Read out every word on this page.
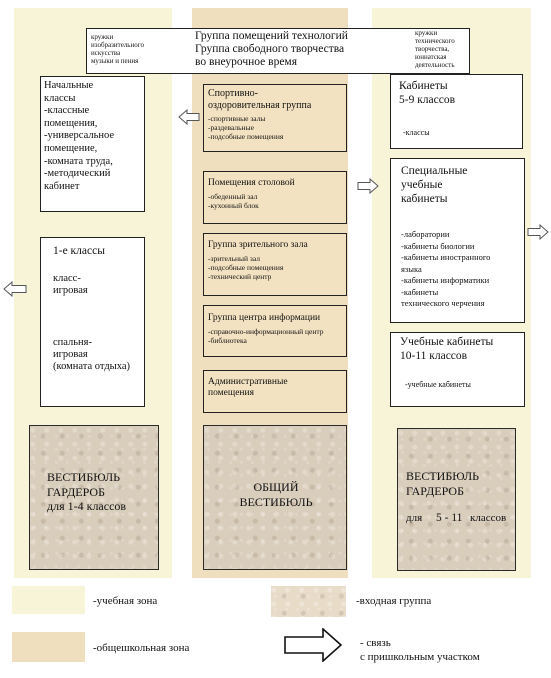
кружки
изобразительного
искусства
музыки и пения
Группа помещений технологий
Группа свободного творчества
во внеурочное время
кружки
технического
творчества,
юннатская
деятельность
Начальные
классы
-классные
помещения,
-универсальное
помещение,
-комната труда,
-методический
кабинет
1-е классы
класс-
игровая
спальня-
игровая
(комната отдыха)
ВЕСТИБЮЛЬ
ГАРДЕРОБ
для 1-4 классов
Спортивно-
оздоровительная группа
-спортивные залы
-раздевальные
-подсобные помещения
Помещения столовой
-обеденный зал
-кухонный блок
Группа зрительного зала
-зрительный зал
-подсобные помещения
-технический центр
Группа центра информации
-справочно-информационный центр
-библиотека
Административные
помещения
ОБЩИЙ
ВЕСТИБЮЛЬ
Кабинеты
5-9 классов
-классы
Специальные
учебные
кабинеты
-лаборатории
-кабинеты биологии
-кабинеты иностранного
языка
-кабинеты информатики
-кабинеты
технического черчения
Учебные кабинеты
10-11 классов
-учебные кабинеты
ВЕСТИБЮЛЬ
ГАРДЕРОБ
для 5 - 11 классов
-учебная зона	-входная группа
-общешкольная зона	- связь
с пришкольным участком
